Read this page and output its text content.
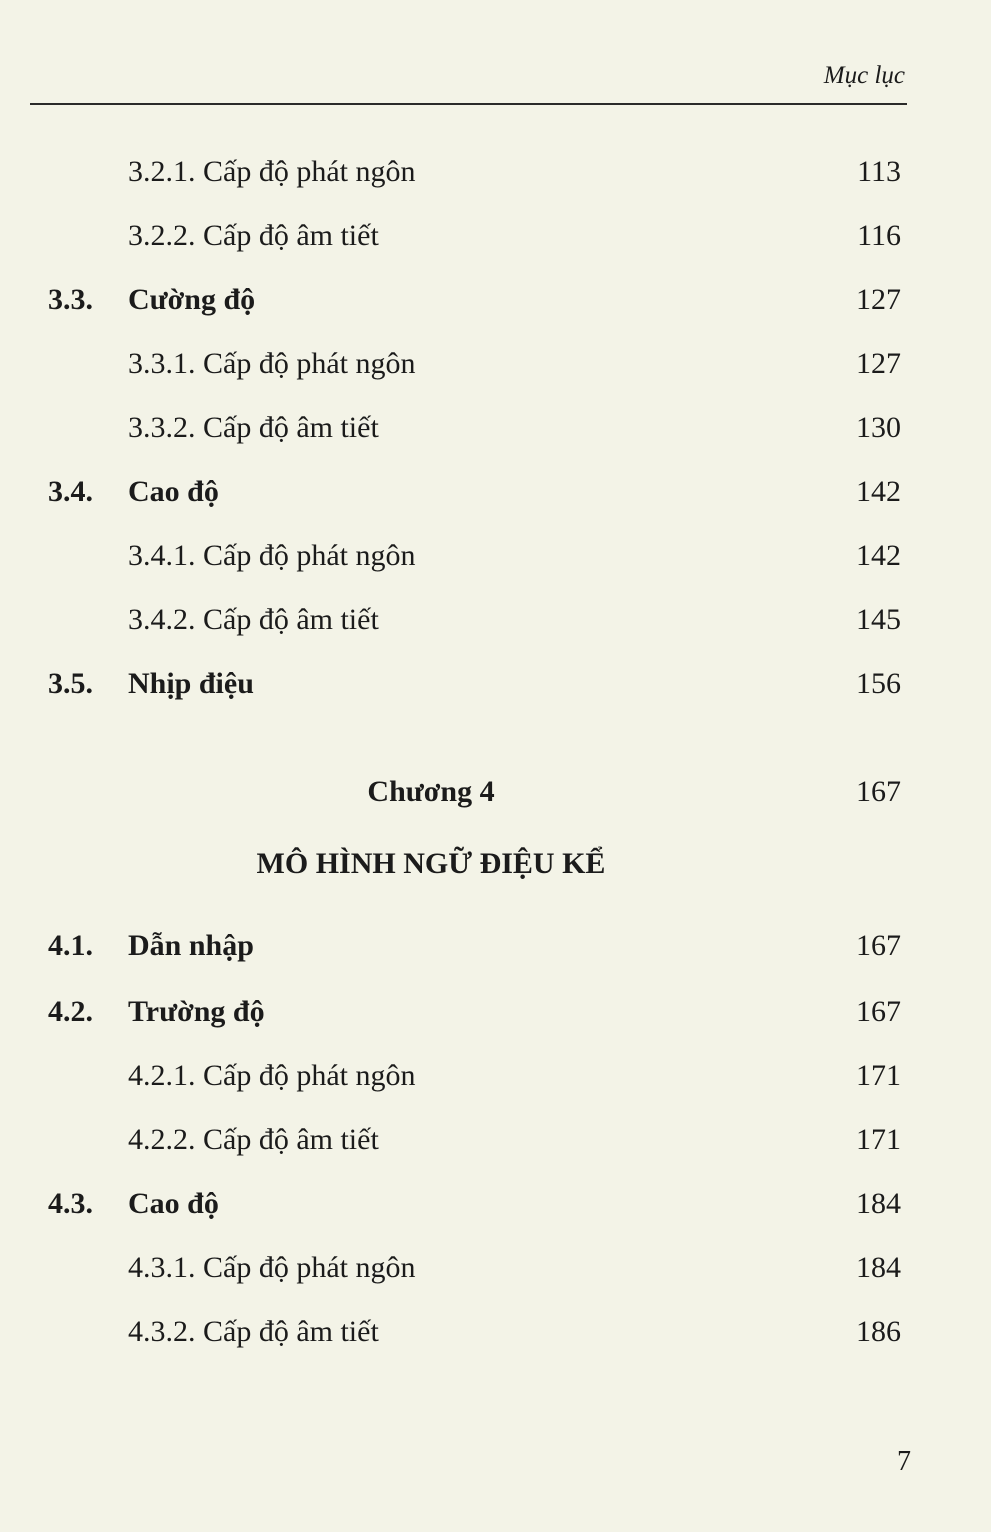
Mục lục
3.2.1. Cấp độ phát ngôn	113
3.2.2. Cấp độ âm tiết	116
3.3. Cường độ	127
3.3.1. Cấp độ phát ngôn	127
3.3.2. Cấp độ âm tiết	130
3.4. Cao độ	142
3.4.1. Cấp độ phát ngôn	142
3.4.2. Cấp độ âm tiết	145
3.5. Nhịp điệu	156
Chương 4	167
MÔ HÌNH NGỮ ĐIỆU KỂ
4.1. Dẫn nhập	167
4.2. Trường độ	167
4.2.1. Cấp độ phát ngôn	171
4.2.2. Cấp độ âm tiết	171
4.3. Cao độ	184
4.3.1. Cấp độ phát ngôn	184
4.3.2. Cấp độ âm tiết	186
7
